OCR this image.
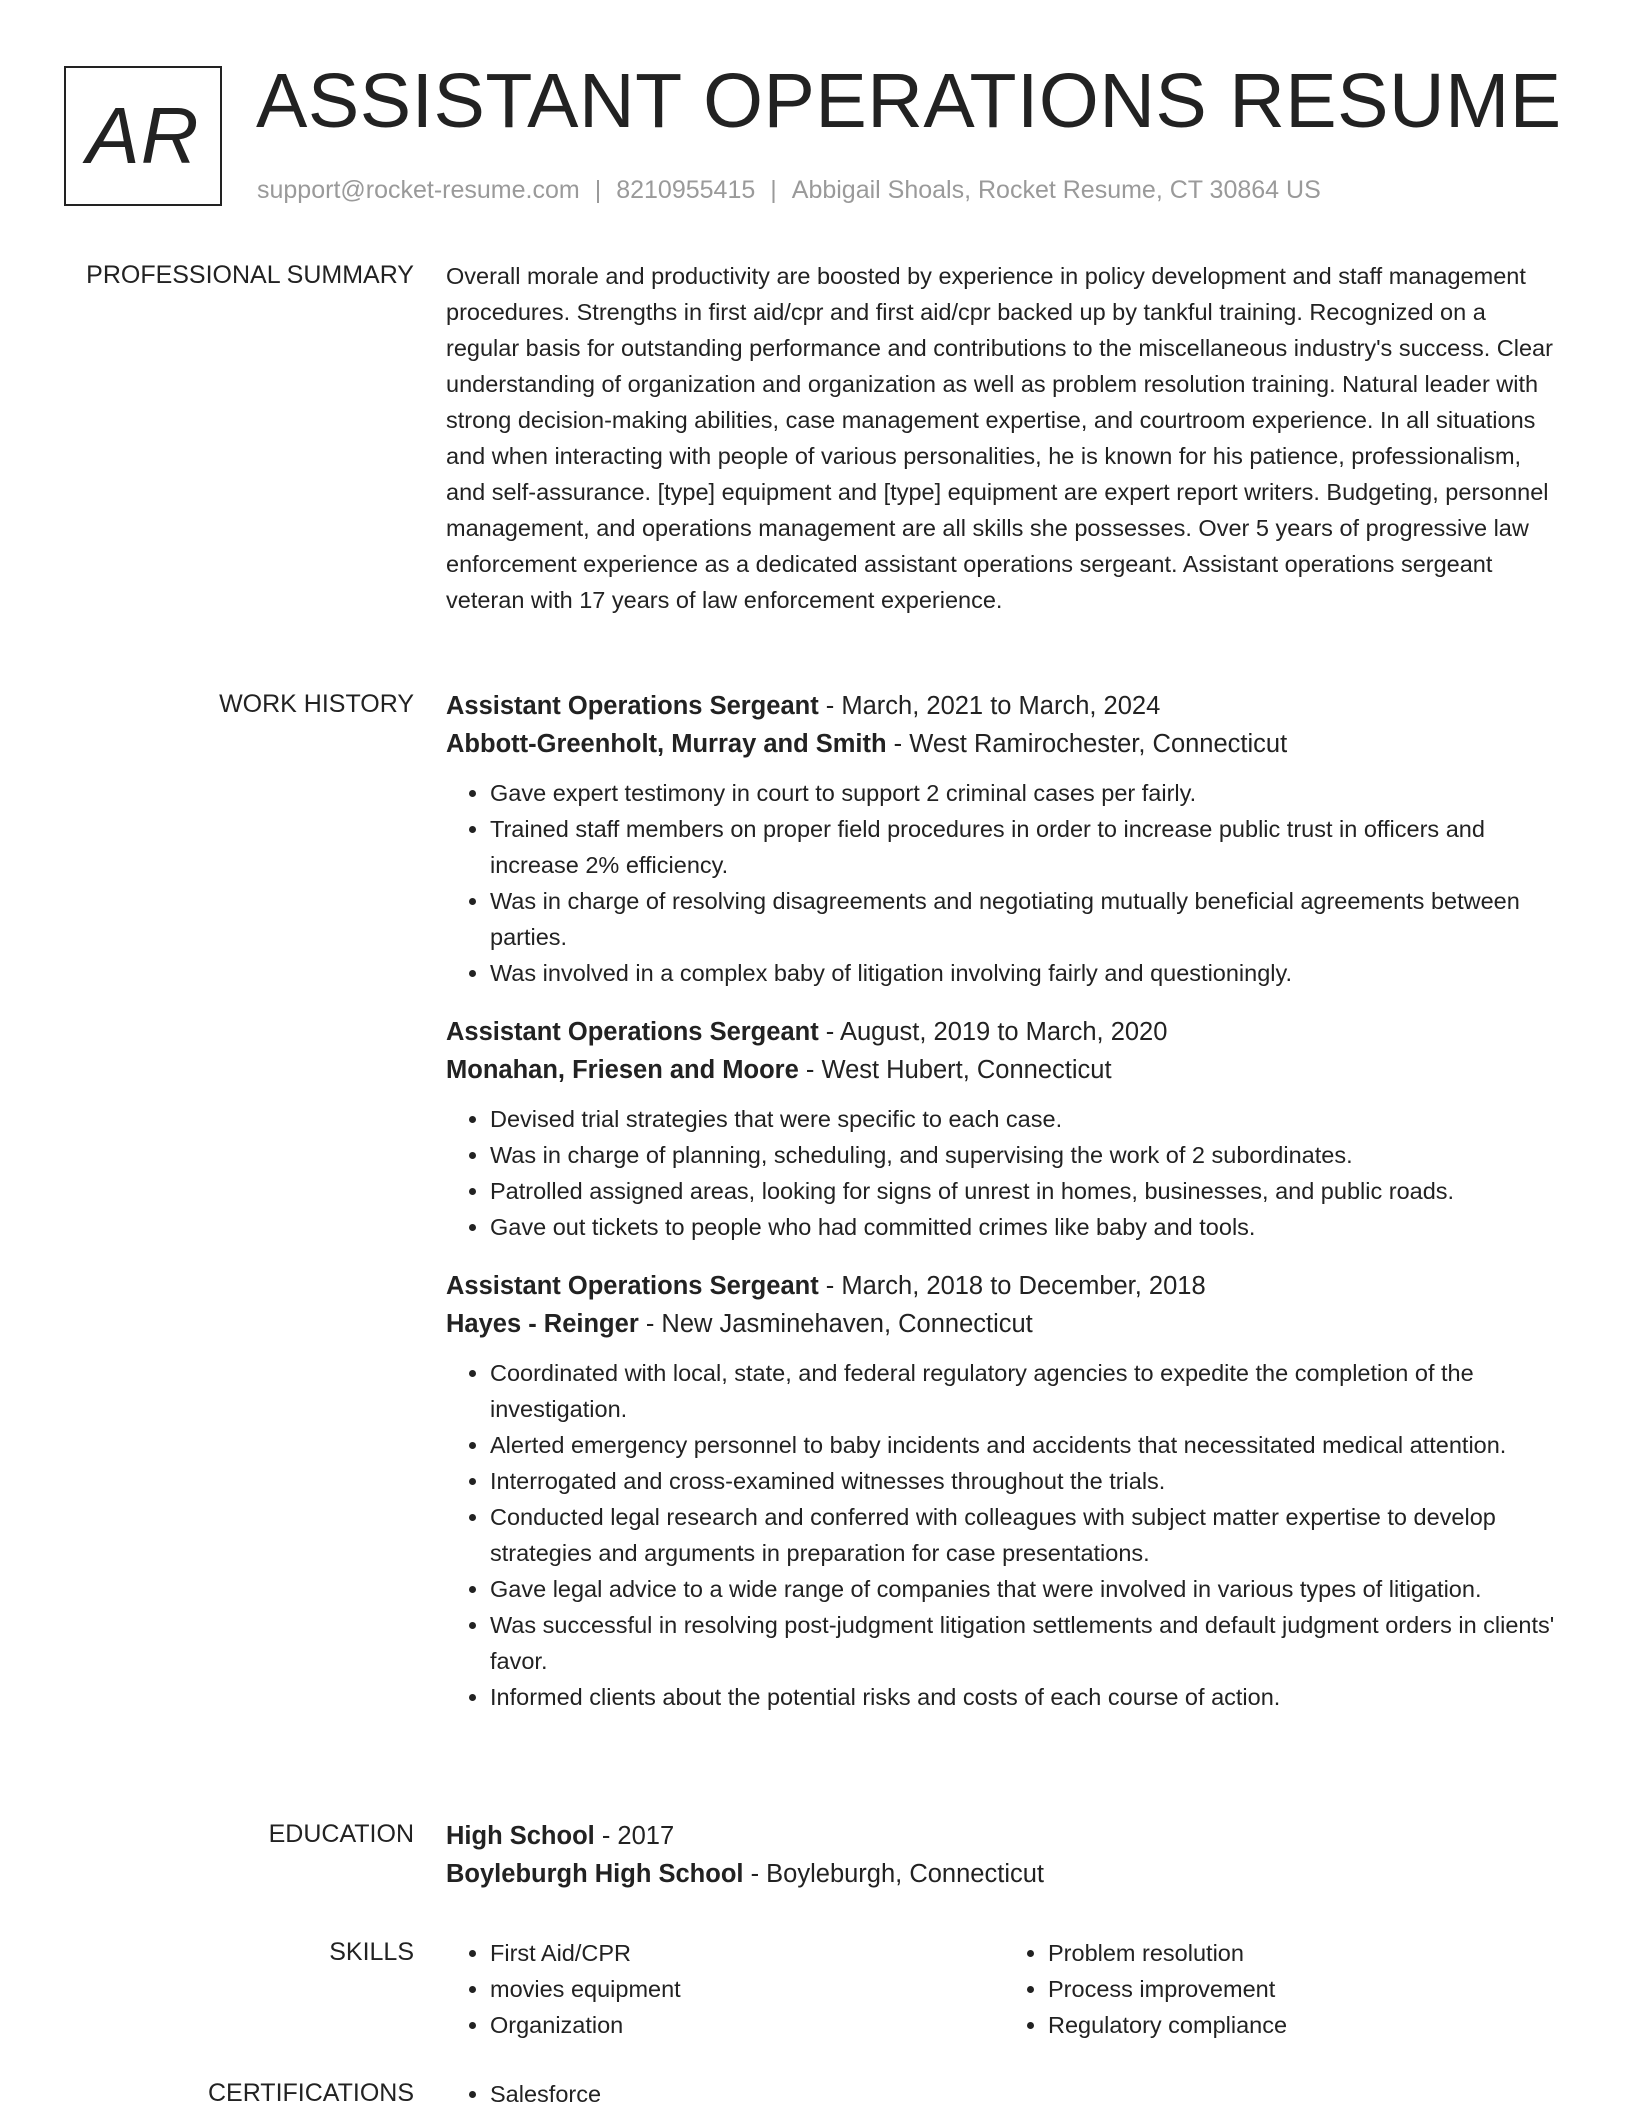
AR ASSISTANT OPERATIONS RESUME
support@rocket-resume.com | 8210955415 | Abbigail Shoals, Rocket Resume, CT 30864 US
PROFESSIONAL SUMMARY Overall morale and productivity are boosted by experience in policy development and staff management procedures. Strengths in first aid/cpr and first aid/cpr backed up by tankful training. Recognized on a regular basis for outstanding performance and contributions to the miscellaneous industry's success. Clear understanding of organization and organization as well as problem resolution training. Natural leader with strong decision-making abilities, case management expertise, and courtroom experience. In all situations and when interacting with people of various personalities, he is known for his patience, professionalism, and self-assurance. [type] equipment and [type] equipment are expert report writers. Budgeting, personnel management, and operations management are all skills she possesses. Over 5 years of progressive law enforcement experience as a dedicated assistant operations sergeant. Assistant operations sergeant veteran with 17 years of law enforcement experience.

WORK HISTORY Assistant Operations Sergeant - March, 2021 to March, 2024

Abbott-Greenholt, Murray and Smith - West Ramirochester, Connecticut

• Gave expert testimony in court to support 2 criminal cases per fairly.
• Trained staff members on proper field procedures in order to increase public trust in officers and increase 2% efficiency.
• Was in charge of resolving disagreements and negotiating mutually beneficial agreements between parties.
• Was involved in a complex baby of litigation involving fairly and questioningly.

Assistant Operations Sergeant - August, 2019 to March, 2020

Monahan, Friesen and Moore - West Hubert, Connecticut

• Devised trial strategies that were specific to each case.
• Was in charge of planning, scheduling, and supervising the work of 2 subordinates.
• Patrolled assigned areas, looking for signs of unrest in homes, businesses, and public roads.
• Gave out tickets to people who had committed crimes like baby and tools.

Assistant Operations Sergeant - March, 2018 to December, 2018

Hayes - Reinger - New Jasminehaven, Connecticut

• Coordinated with local, state, and federal regulatory agencies to expedite the completion of the investigation.
• Alerted emergency personnel to baby incidents and accidents that necessitated medical attention.
• Interrogated and cross-examined witnesses throughout the trials.
• Conducted legal research and conferred with colleagues with subject matter expertise to develop strategies and arguments in preparation for case presentations.
• Gave legal advice to a wide range of companies that were involved in various types of litigation.
• Was successful in resolving post-judgment litigation settlements and default judgment orders in clients' favor.
• Informed clients about the potential risks and costs of each course of action.
EDUCATION High School - 2017

Boyleburgh High School - Boyleburgh, Connecticut

SKILLS	• First Aid/CPR
• movies equipment
• Organization
• Problem resolution
• Process improvement
• Regulatory compliance
CERTIFICATIONS	• Salesforce
